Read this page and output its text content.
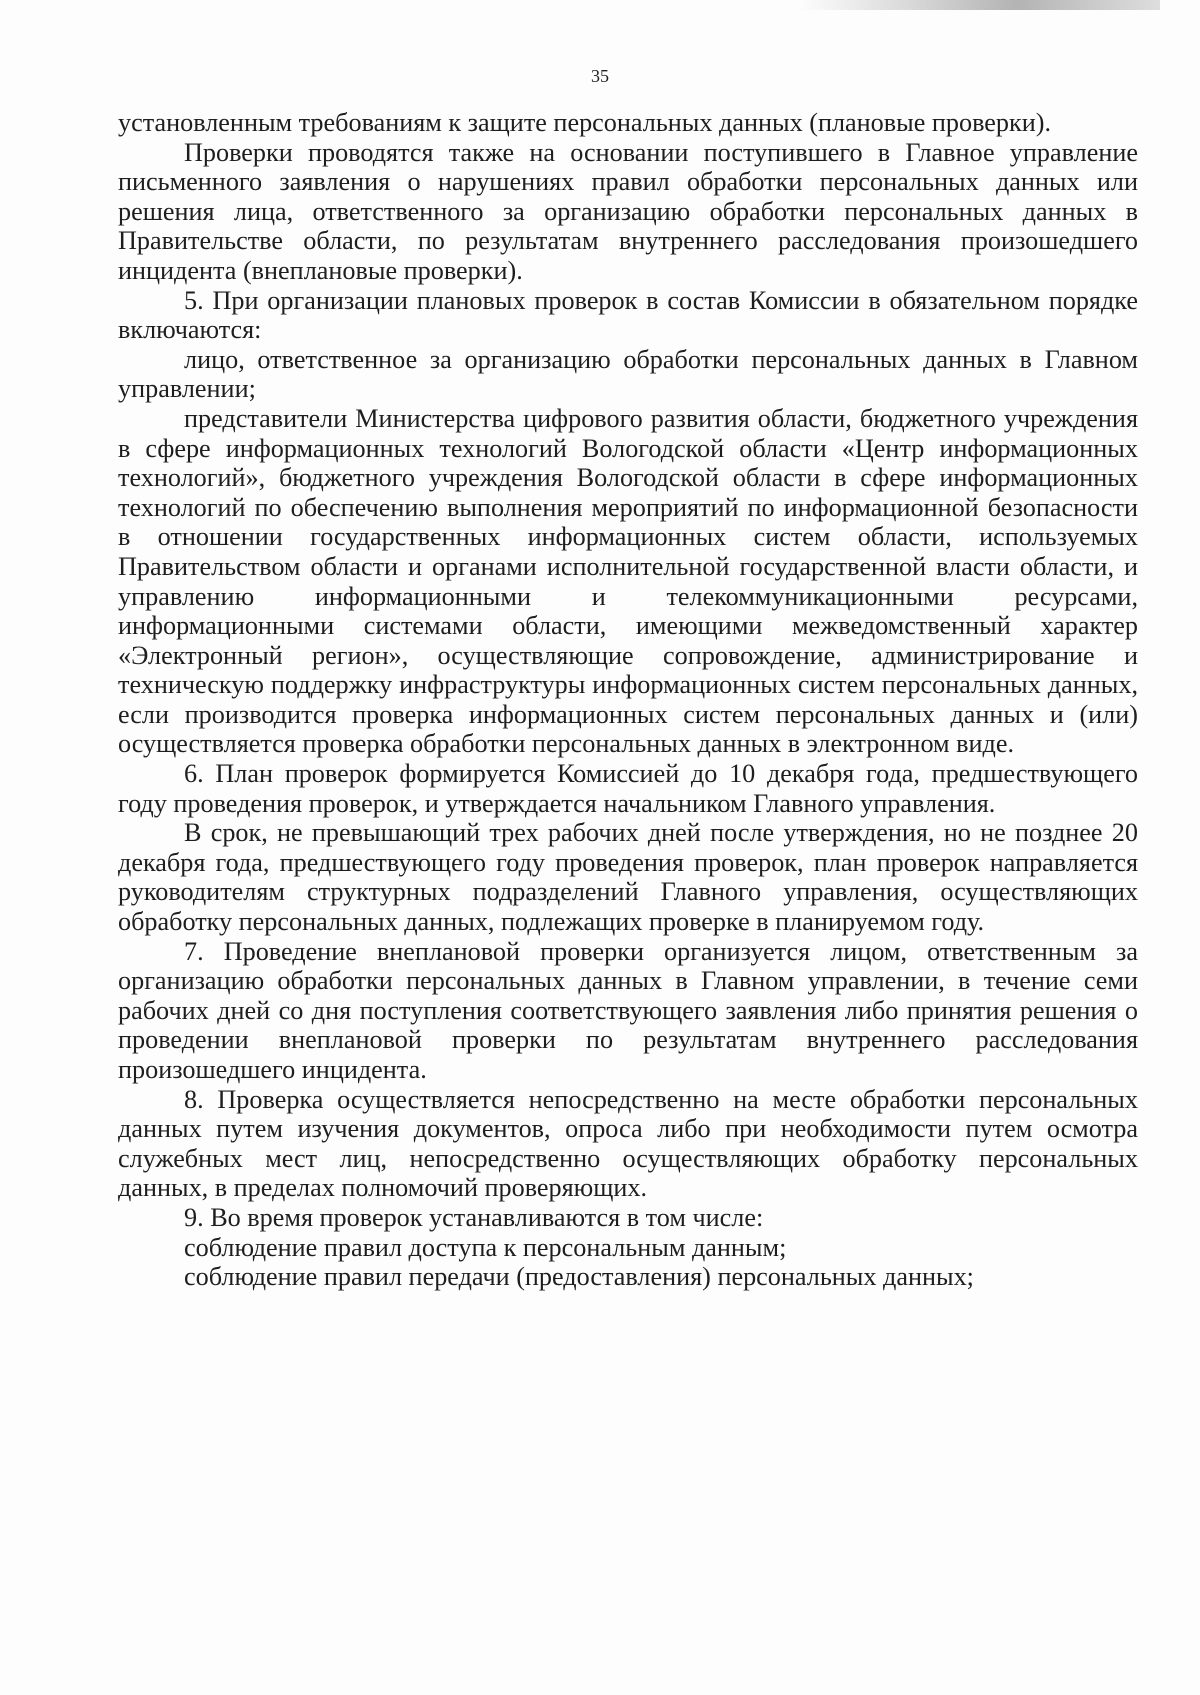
35

установленным требованиям к защите персональных данных (плановые проверки).

Проверки проводятся также на основании поступившего в Главное управление письменного заявления о нарушениях правил обработки персональных данных или решения лица, ответственного за организацию обработки персональных данных в Правительстве области, по результатам внутреннего расследования произошедшего инцидента (внеплановые проверки).

5. При организации плановых проверок в состав Комиссии в обязательном порядке включаются:

лицо, ответственное за организацию обработки персональных данных в Главном управлении;

представители Министерства цифрового развития области, бюджетного учреждения в сфере информационных технологий Вологодской области «Центр информационных технологий», бюджетного учреждения Вологодской области в сфере информационных технологий по обеспечению выполнения мероприятий по информационной безопасности в отношении государственных информационных систем области, используемых Правительством области и органами исполнительной государственной власти области, и управлению информационными и телекоммуникационными ресурсами, информационными системами области, имеющими межведомственный характер «Электронный регион», осуществляющие сопровождение, администрирование и техническую поддержку инфраструктуры информационных систем персональных данных, если производится проверка информационных систем персональных данных и (или) осуществляется проверка обработки персональных данных в электронном виде.

6. План проверок формируется Комиссией до 10 декабря года, предшествующего году проведения проверок, и утверждается начальником Главного управления.

В срок, не превышающий трех рабочих дней после утверждения, но не позднее 20 декабря года, предшествующего году проведения проверок, план проверок направляется руководителям структурных подразделений Главного управления, осуществляющих обработку персональных данных, подлежащих проверке в планируемом году.

7. Проведение внеплановой проверки организуется лицом, ответственным за организацию обработки персональных данных в Главном управлении, в течение семи рабочих дней со дня поступления соответствующего заявления либо принятия решения о проведении внеплановой проверки по результатам внутреннего расследования произошедшего инцидента.

8. Проверка осуществляется непосредственно на месте обработки персональных данных путем изучения документов, опроса либо при необходимости путем осмотра служебных мест лиц, непосредственно осуществляющих обработку персональных данных, в пределах полномочий проверяющих.

9. Во время проверок устанавливаются в том числе:

соблюдение правил доступа к персональным данным;

соблюдение правил передачи (предоставления) персональных данных;
